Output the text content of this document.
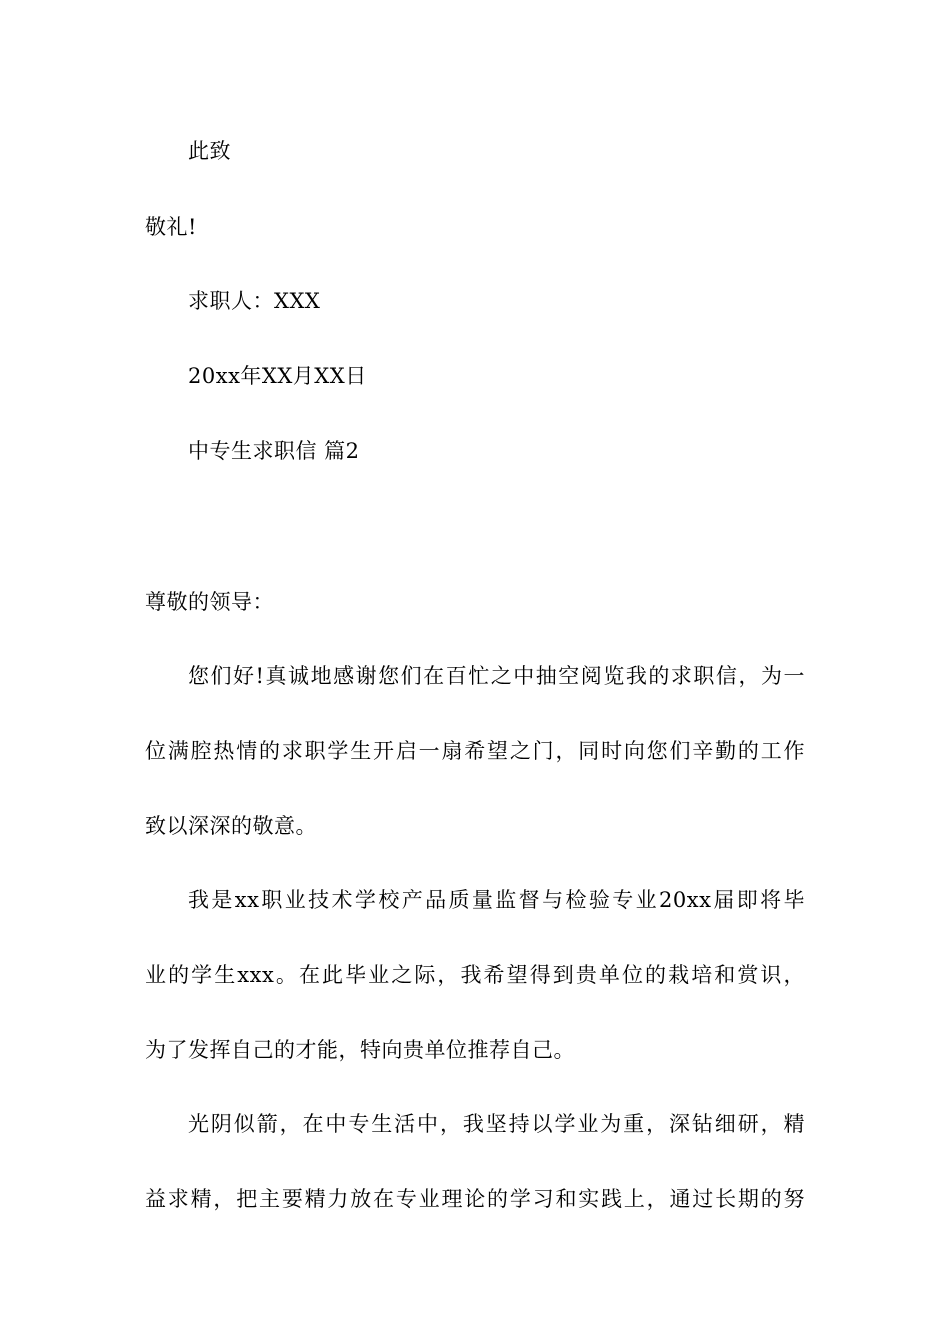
此致
敬礼!
求职人：XXX
20xx年XX月XX日
中专生求职信 篇2
尊敬的领导：
您们好!真诚地感谢您们在百忙之中抽空阅览我的求职信，为一
位满腔热情的求职学生开启一扇希望之门，同时向您们辛勤的工作
致以深深的敬意。
我是xx职业技术学校产品质量监督与检验专业20xx届即将毕
业的学生xxx。在此毕业之际，我希望得到贵单位的栽培和赏识，
为了发挥自己的才能，特向贵单位推荐自己。
光阴似箭，在中专生活中，我坚持以学业为重，深钻细研，精
益求精，把主要精力放在专业理论的学习和实践上，通过长期的努
